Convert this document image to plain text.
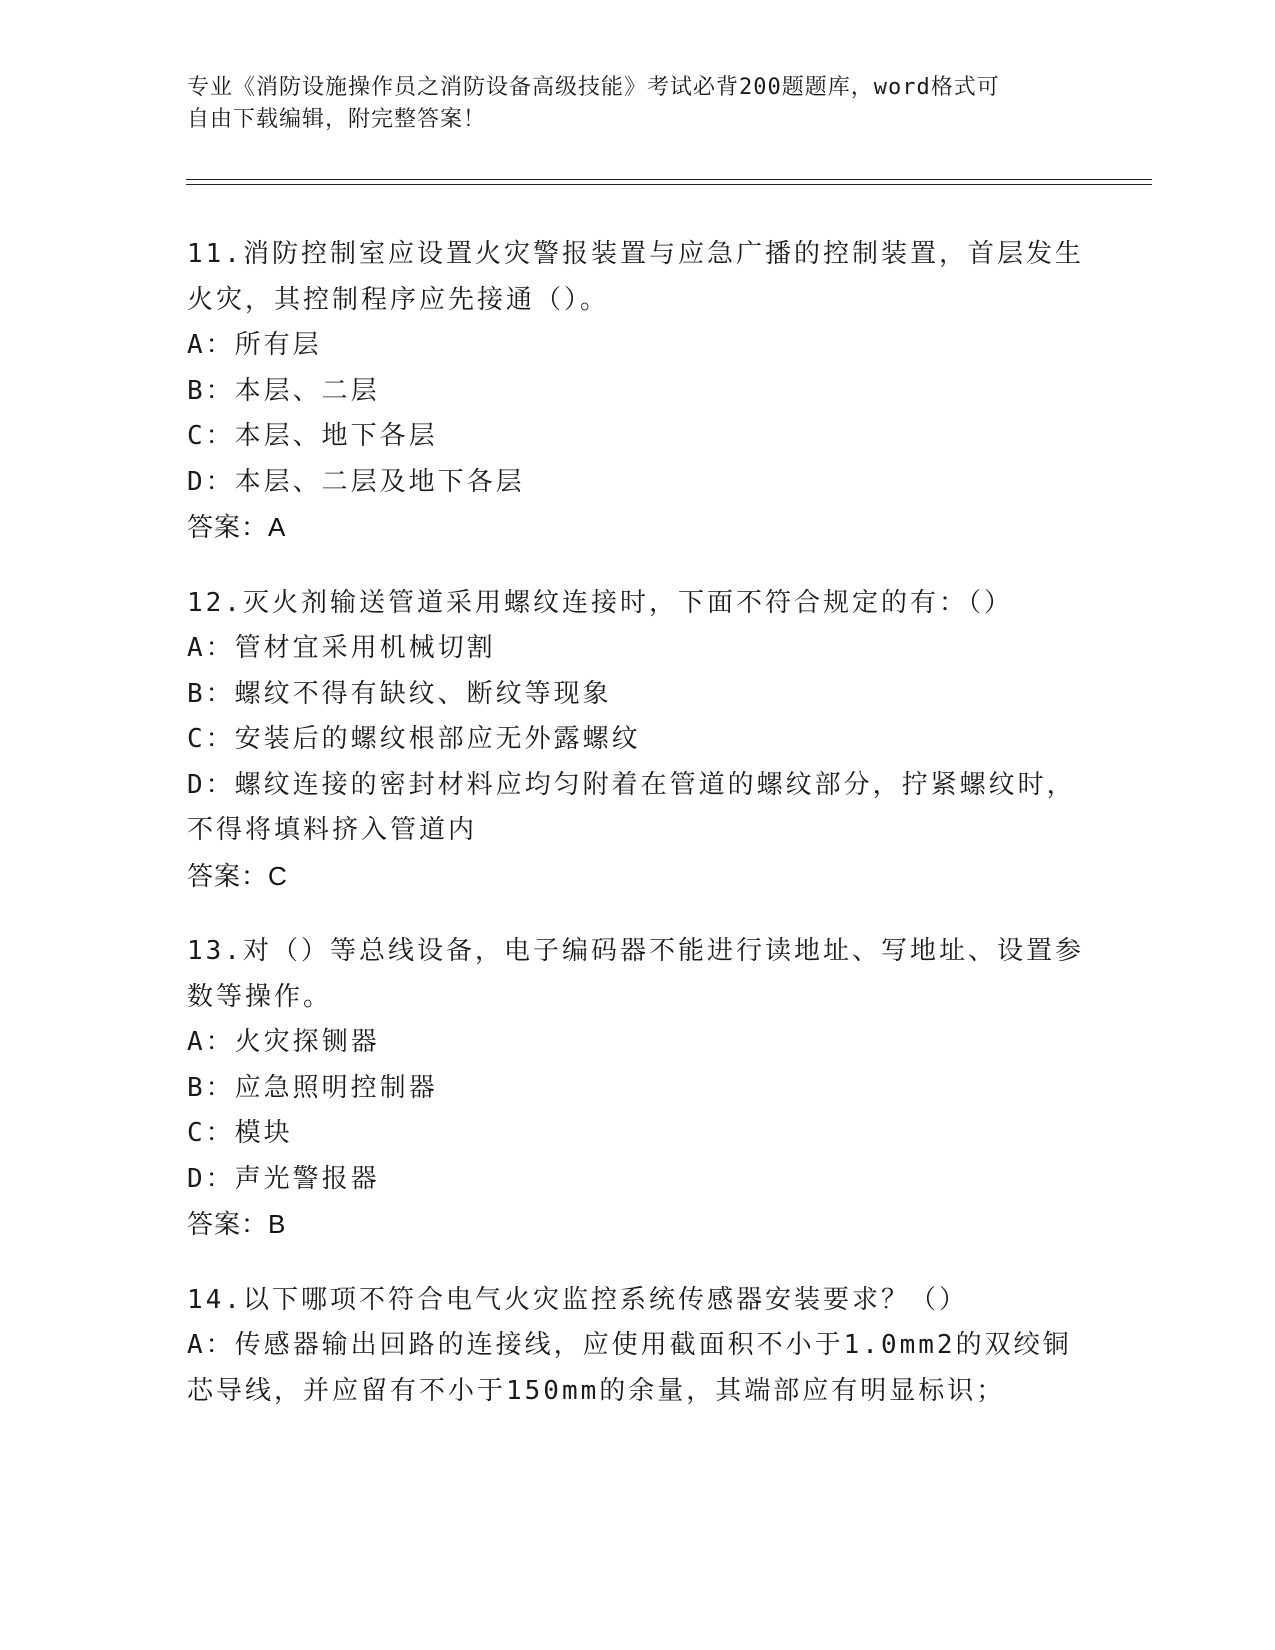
专业《消防设施操作员之消防设备高级技能》考试必背200题题库，word格式可
自由下载编辑，附完整答案！
11.消防控制室应设置火灾警报装置与应急广播的控制装置，首层发生
火灾，其控制程序应先接通（）。
A：所有层
B：本层、二层
C：本层、地下各层
D：本层、二层及地下各层
答案：A
12.灭火剂输送管道采用螺纹连接时，下面不符合规定的有：（）
A：管材宜采用机械切割
B：螺纹不得有缺纹、断纹等现象
C：安装后的螺纹根部应无外露螺纹
D：螺纹连接的密封材料应均匀附着在管道的螺纹部分，拧紧螺纹时，
不得将填料挤入管道内
答案：C
13.对（）等总线设备，电子编码器不能进行读地址、写地址、设置参
数等操作。
A：火灾探铡器
B：应急照明控制器
C：模块
D：声光警报器
答案：B
14.以下哪项不符合电气火灾监控系统传感器安装要求？（）
A：传感器输出回路的连接线，应使用截面积不小于1.0mm2的双绞铜
芯导线，并应留有不小于150mm的余量，其端部应有明显标识；
